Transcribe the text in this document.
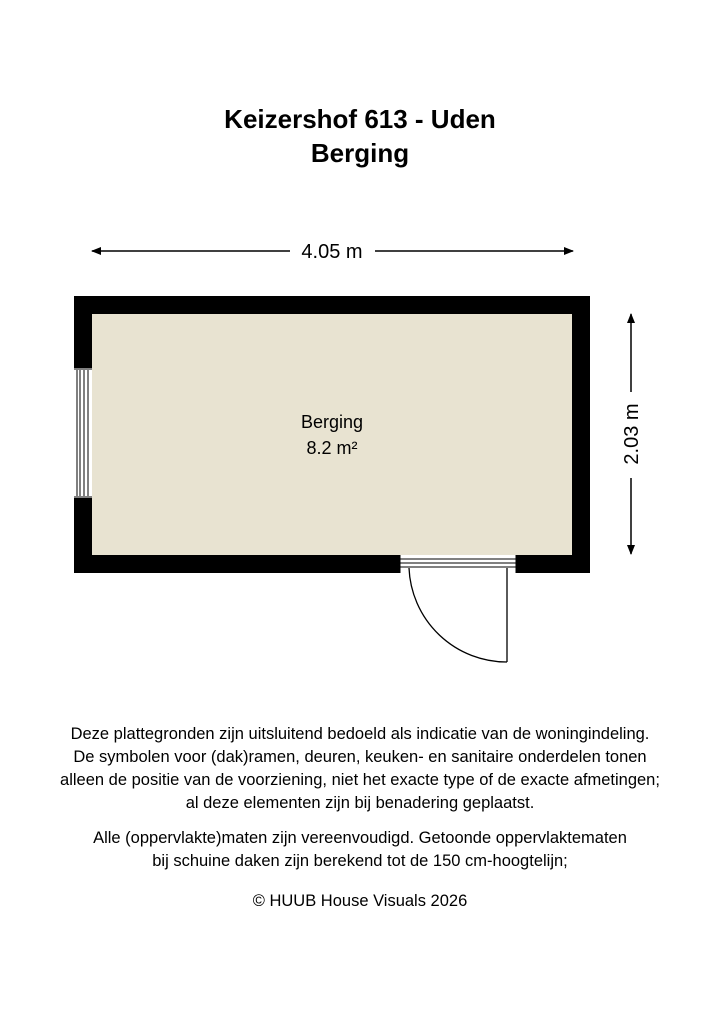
Keizershof 613 - Uden
Berging
4.05 m
2.03 m
Berging
8.2 m²
Deze plattegronden zijn uitsluitend bedoeld als indicatie van de woningindeling.
De symbolen voor (dak)ramen, deuren, keuken- en sanitaire onderdelen tonen
alleen de positie van de voorziening, niet het exacte type of de exacte afmetingen;
al deze elementen zijn bij benadering geplaatst.
Alle (oppervlakte)maten zijn vereenvoudigd. Getoonde oppervlaktematen
bij schuine daken zijn berekend tot de 150 cm-hoogtelijn;
© HUUB House Visuals 2026
